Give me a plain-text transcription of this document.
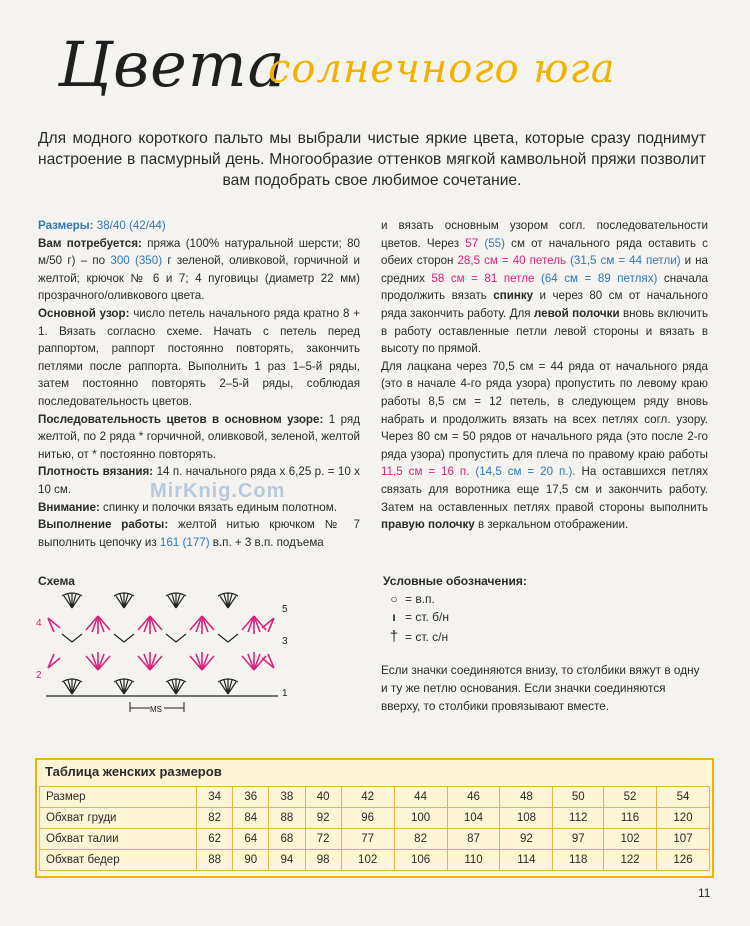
Цвета
солнечного юга
Для модного короткого пальто мы выбрали чистые яркие цвета, которые сразу поднимут настроение в пасмурный день. Многообразие оттенков мягкой камвольной пряжи позволит вам подобрать свое любимое сочетание.

Размеры: 38/40 (42/44)

Вам потребуется: пряжа (100% натуральной шерсти; 80 м/50 г) – по 300 (350) г зеленой, оливковой, горчичной и желтой; крючок № 6 и 7; 4 пуговицы (диаметр 22 мм) прозрачного/оливкового цвета.

Основной узор: число петель начального ряда кратно 8 + 1. Вязать согласно схеме. Начать с петель перед раппортом, раппорт постоянно повторять, закончить петлями после раппорта. Выполнить 1 раз 1–5-й ряды, затем постоянно повторять 2–5-й ряды, соблюдая последовательность цветов.

Последовательность цветов в основном узоре: 1 ряд желтой, по 2 ряда * горчичной, оливковой, зеленой, желтой нитью, от * постоянно повторять.

Плотность вязания: 14 п. начального ряда x 6,25 р. = 10 x 10 см.

Внимание: спинку и полочки вязать единым полотном.

Выполнение работы: желтой нитью крючком № 7 выполнить цепочку из 161 (177) в.п. + 3 в.п. подъема

и вязать основным узором согл. последовательности цветов. Через 57 (55) см от начального ряда оставить с обеих сторон 28,5 см = 40 петель (31,5 см = 44 петли) и на средних 58 см = 81 петле (64 см = 89 петлях) сначала продолжить вязать спинку и через 80 см от начального ряда закончить работу. Для левой полочки вновь включить в работу оставленные петли левой стороны и вязать в высоту по прямой.

Для лацкана через 70,5 см = 44 ряда от начального ряда (это в начале 4-го ряда узора) пропустить по левому краю работы 8,5 см = 12 петель, в следующем ряду вновь набрать и продолжить вязать на всех петлях согл. узору. Через 80 см = 50 рядов от начального ряда (это после 2-го ряда узора) пропустить для плеча по правому краю работы 11,5 см = 16 п. (14,5 см = 20 п.). На оставшихся петлях связать для воротника еще 17,5 см и закончить работу. Затем на оставленных петлях правой стороны выполнить правую полочку в зеркальном отображении.

MirKnig.Com
Схема
5
4
3
2
1
MS
Условные обозначения:
○ = в.п.
ı = ст. б/н
† = ст. с/н
Если значки соединяются внизу, то столбики вяжут в одну и ту же петлю основания. Если значки соединяются вверху, то столбики провязывают вместе.
Таблица женских размеров
Размер	34	36	38	40	42	44	46	48	50	52	54
Обхват груди	82	84	88	92	96	100	104	108	112	116	120
Обхват талии	62	64	68	72	77	82	87	92	97	102	107
Обхват бедер	88	90	94	98	102	106	110	114	118	122	126
11
